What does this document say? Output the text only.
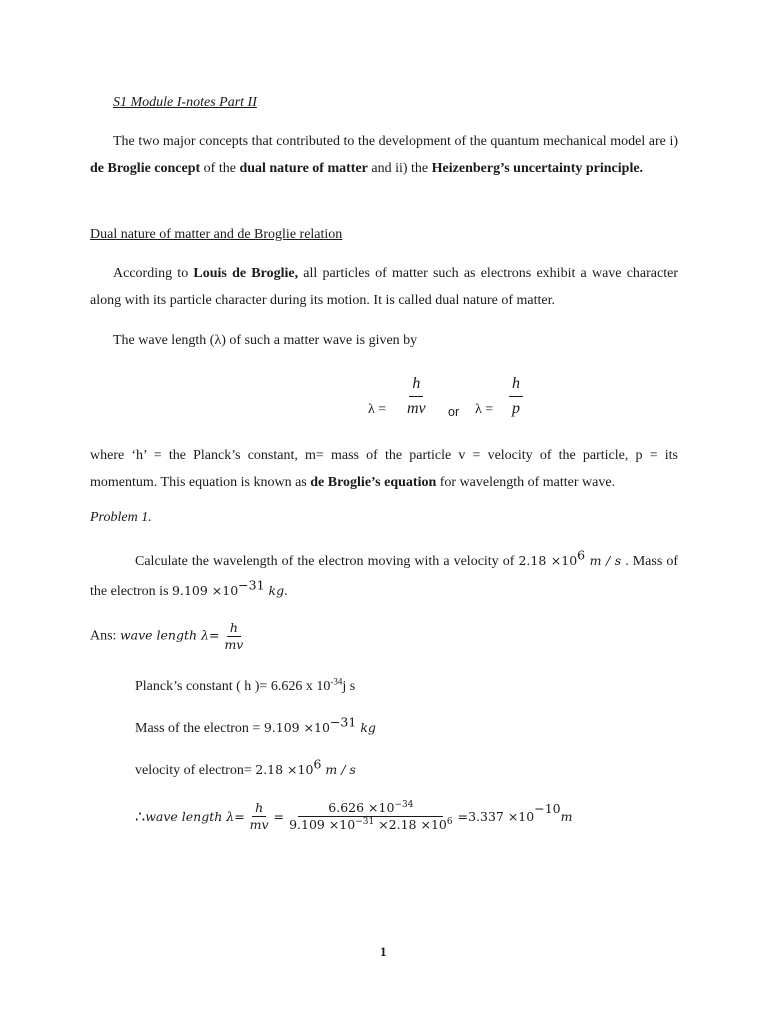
S1 Module I-notes Part II
The two major concepts that contributed to the development of the quantum mechanical model are i) de Broglie concept of the dual nature of matter and ii) the Heizenberg’s uncertainty principle.
Dual nature of matter and de Broglie relation
According to Louis de Broglie, all particles of matter such as electrons exhibit a wave character along with its particle character during its motion. It is called dual nature of matter.
The wave length (λ) of such a matter wave is given by
$\lambda = \frac{h}{mv}$ or $\lambda = \frac{h}{p}$
where ‘h’ = the Planck’s constant, m= mass of the particle v = velocity of the particle, p = its momentum. This equation is known as de Broglie’s equation for wavelength of matter wave.
Problem 1.
Calculate the wavelength of the electron moving with a velocity of $2.18 \times 10^6$ m / s . Mass of the electron is $9.109 \times 10^{-31}$ kg.
Ans: wave length $\lambda= \frac{h}{mv}$
Planck’s constant ( h )= 6.626 x $10^{-34}j$ s
Mass of the electron = $9.109 \times 10^{-31}$ kg
velocity of electron= $2.18 \times 10^6$ m / s
∴ wave length $\lambda= \frac{h}{mv} = \frac{6.626 \times 10^{-34}}{9.109 \times 10^{-31} \times 2.18 \times 10^6} =3.337 \times 10$
$^{-10}$
m
1
